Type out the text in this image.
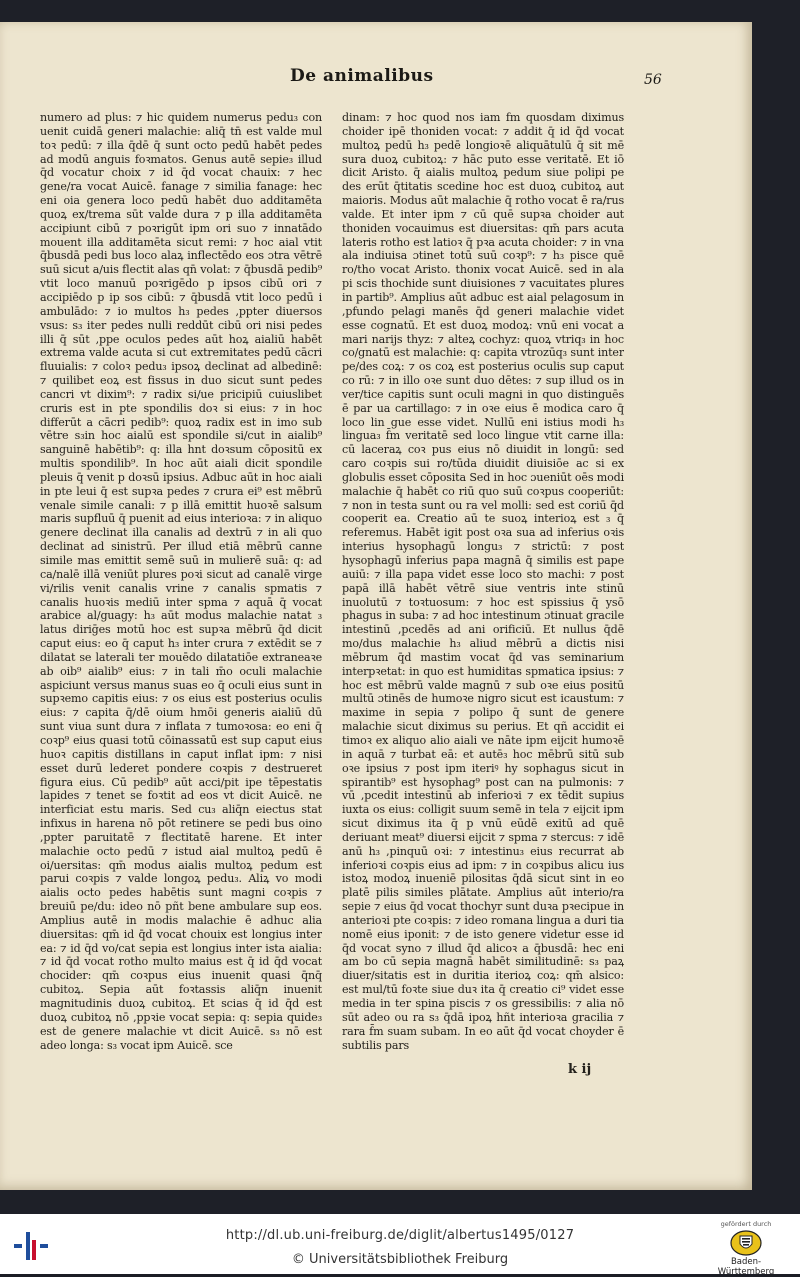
De animalibus	56

numero ad plus: ⁊ hic quidem numerus pedu₃ con uenit cuidā generi malachie: aliq̄ tn̄ est valde mul toꝛ pedū: ⁊ illa q̄dē q̄ sunt octo pedū habēt pedes ad modū anguis foꝛmatos. Genus autē sepie₃ illud q̄d vocatur choix ⁊ id q̄d vocat chauix: ⁊ hec gene/ra vocat Auicē. fanage ⁊ similia fanage: hec eni oia genera loco pedū habēt duo additamēta quoꝝ ex/trema sūt valde dura ⁊ p illa additamēta accipiunt cibū ⁊ poꝛrigūt ipm ori suo ⁊ innatādo mouent illa additamēta sicut remi: ⁊ hoc aial vtit q̄busdā pedi bus loco alaꝝ inflectēdo eos ɔtra vētrē suū sicut a/uis flectit alas qn̄ volat: ⁊ q̄busdā pedib⁹ vtit loco manuū poꝛrigēdo p ipsos cibū ori ⁊ accipiēdo p ip sos cibū: ⁊ q̄busdā vtit loco pedū i ambulādo: ⁊ io multos h₃ pedes ,ppter diuersos vsus: s₃ iter pedes nulli reddūt cibū ori nisi pedes illi q̄ sūt ,ppe oculos pedes aūt hoꝝ aialiū habēt extrema valde acuta si cut extremitates pedū cācri fluuialis: ⁊ coloꝛ pedu₃ ipsoꝝ declinat ad albedinē: ⁊ quilibet eoꝝ est fissus in duo sicut sunt pedes cancri vt dixim⁹: ⁊ radix si/ue pricipiū cuiuslibet cruris est in pte spondilis doꝛ si eius: ⁊ in hoc differūt a cācri pedib⁹: quoꝝ radix est in imo sub vētre s₃in hoc aialū est spondile si/cut in aialib⁹ sanguinē habētib⁹: q: illa hnt doꝛsum cōpositū ex multis spondilib⁹. In hoc aūt aiali dicit spondile pleuis q̄ venit p doꝛsū ipsius. Adbuc aūt in hoc aiali in pte leui q̄ est supꝛa pedes ⁊ crura ei⁹ est mēbrū venale simile canali: ⁊ p illā emittit huoꝛē salsum maris supfluū q̄ puenit ad eius interioꝛa: ⁊ in aliquo genere declinat illa canalis ad dextrū ⁊ in ali quo declinat ad sinistrū. Per illud etiā mēbrū canne simile mas emittit semē suū in mulierē suā: q: ad ca/nalē illā veniūt plures poꝛi sicut ad canalē virge vi/rilis venit canalis vrine ⁊ canalis spmatis ⁊ canalis huoꝛis mediū inter spma ⁊ aquā q̄ vocat arabice al/guagy: h₃ aūt modus malachie natat ₃ latus diriḡes motū hoc est supꝛa mēbrū q̄d dicit caput eius: eo q̄ caput h₃ inter crura ⁊ extēdit se ⁊ dilatat se laterali ter mouēdo dilatatiōe extraneaꝛe ab oib⁹ aialib⁹ eius: ⁊ in tali m̄o oculi malachie aspiciunt versus manus suas eo q̄ oculi eius sunt in supꝛemo capitis eius: ⁊ os eius est posterius oculis eius: ⁊ capita q̄/dē oium hmōi generis aialiū dū sunt viua sunt dura ⁊ inflata ⁊ tumoꝛosa: eo eni q̄ coꝛp⁹ eius quasi totū cōinassatū est sup caput eius huoꝛ capitis distillans in caput inflat ipm: ⁊ nisi esset durū lederet pondere coꝛpis ⁊ destrueret figura eius. Cū pedib⁹ aūt acci/pit ipe tēpestatis lapides ⁊ tenet se foꝛtit ad eos vt dicit Auicē. ne interficiat estu maris. Sed cu₃ aliq̄n eiectus stat infixus in harena nō pōt retinere se pedi bus oino ,ppter paruitatē ⁊ flectitatē harene. Et inter malachie octo pedū ⁊ istud aial multoꝝ pedū ē oi/uersitas: qm̄ modus aialis multoꝝ pedum est parui coꝛpis ⁊ valde longoꝝ pedu₃. Aliꝝ vo modi aialis octo pedes habētis sunt magni coꝛpis ⁊ breuiū pe/du: ideo nō pñt bene ambulare sup eos. Amplius autē in modis malachie ē adhuc alia diuersitas: qm̄ id q̄d vocat chouix est longius inter ea: ⁊ id q̄d vo/cat sepia est longius inter ista aialia: ⁊ id q̄d vocat rotho multo maius est q̄ id q̄d vocat chocider: qm̄ coꝛpus eius inuenit quasi q̄nq̄ cubitoꝝ. Sepia aūt foꝛtassis aliq̄n inuenit magnitudinis duoꝝ cubitoꝝ. Et scias q̄ id q̄d est duoꝝ cubitoꝝ nō ,ppꝛie vocat sepia: q: sepia quide₃ est de genere malachie vt dicit Auicē. s₃ nō est adeo longa: s₃ vocat ipm Auicē. sce

dinam: ⁊ hoc quod nos iam f̄m quosdam diximus choider ipē thoniden vocat: ⁊ addit q̄ id q̄d vocat multoꝝ pedū h₃ pedē longioꝛē aliquātulū q̄ sit mē sura duoꝝ cubitoꝝ: ⁊ hāc puto esse veritatē. Et iō dicit Aristo. q̄ aialis multoꝝ pedum siue polipi pe des erūt q̄titatis scedine hoc est duoꝝ cubitoꝝ aut maioris. Modus aūt malachie q̄ rotho vocat ē ra/rus valde. Et inter ipm ⁊ cū quē supꝛa choider aut thoniden vocauimus est diuersitas: qm̄ pars acuta lateris rotho est latioꝛ q̄ pꝛa acuta choider: ⁊ in vna ala indiuisa ɔtinet totū suū coꝛp⁹: ⁊ h₃ pisce quē ro/tho vocat Aristo. thonix vocat Auicē. sed in ala pi scis thochide sunt diuisiones ⁊ vacuitates plures in partib⁹. Amplius aūt adbuc est aial pelagosum in ,pfundo pelagi manēs q̄d generi malachie videt esse cognatū. Et est duoꝝ modoꝝ: vnū eni vocat a mari narijs thyz: ⁊ alteꝝ cochyz: quoꝝ vtriq₃ in hoc co/gnatū est malachie: q: capita vtrozūq₃ sunt inter pe/des coꝝ: ⁊ os coꝝ est posterius oculis sup caput co rū: ⁊ in illo oꝛe sunt duo dētes: ⁊ sup illud os in ver/tice capitis sunt oculi magni in quo distinguēs ē par ua cartillago: ⁊ in oꝛe eius ē modica caro q̄ loco lin gue esse videt. Nullū eni istius modi h₃ lingua₃ f̄m veritatē sed loco lingue vtit carne illa: cū laceraꝝ coꝛ pus eius nō diuidit in longū: sed caro coꝛpis sui ro/tūda diuidit diuisiōe ac si ex globulis esset cōposita Sed in hoc ɔueniūt oēs modi malachie q̄ habēt co riū quo suū coꝛpus cooperiūt: ⁊ non in testa sunt ou ra vel molli: sed est coriū q̄d cooperit ea. Creatio aū te suoꝝ interioꝝ est ₃ q̄ referemus. Habēt igit post oꝛa sua ad inferius oꝛis interius hysophagū longu₃ ⁊ strictū: ⁊ post hysophagū inferius papa magnā q̄ similis est pape auiū: ⁊ illa papa videt esse loco sto machi: ⁊ post papā illā habēt vētrē siue ventris inte stinū inuolutū ⁊ toꝛtuosum: ⁊ hoc est spissius q̄ ysō phagus in suba: ⁊ ad hoc intestinum ɔtinuat gracile intestinū ,pcedēs ad ani orificiū. Et nullus q̄dē mo/dus malachie h₃ aliud mēbrū a dictis nisi mēbrum q̄d mastim vocat q̄d vas seminarium interpꝛetat: in quo est humiditas spmatica ipsius: ⁊ hoc est mēbrū valde magnū ⁊ sub oꝛe eius positū multū ɔtinēs de humoꝛe nigro sicut est icaustum: ⁊ maxime in sepia ⁊ polipo q̄ sunt de genere malachie sicut diximus su perius. Et qñ accidit ei timoꝛ ex aliquo alio aiali ve nāte ipm eijcit humoꝛē in aquā ⁊ turbat eā: et autē₃ hoc mēbrū sitū sub oꝛe ipsius ⁊ post ipm iteriꝰ hy sophagus sicut in spirantib⁹ est hysophag⁹ post can na pulmonis: ⁊ vū ,pcedit intestinū ab inferioꝛi ⁊ ex tēdit supius iuxta os eius: colligit suum semē in tela ⁊ eijcit ipm sicut diximus ita q̄ p vnū eūdē exitū ad quē deriuant meat⁹ diuersi eijcit ⁊ spma ⁊ stercus: ⁊ idē anū h₃ ,pinquū oꝛi: ⁊ intestinu₃ eius recurrat ab inferioꝛi coꝛpis eius ad ipm: ⁊ in coꝛpibus alicu ius istoꝝ modoꝝ inueniē pilositas q̄dā sicut sint in eo platē pilis similes plātate. Amplius aūt interio/ra sepie ⁊ eius q̄d vocat thochyr sunt duꝛa pꝛecipue in anterioꝛi pte coꝛpis: ⁊ ideo romana lingua a duri tia nomē eius iponit: ⁊ de isto genere videtur esse id q̄d vocat syno ⁊ illud q̄d alicoꝛ a q̄busdā: hec eni am bo cū sepia magnā habēt similitudinē: s₃ paꝝ diuer/sitatis est in duritia iterioꝝ coꝝ: qm̄ alsico: est mul/tū foꝛte siue duꝛ ita q̄ creatio ci⁹ videt esse media in ter spina piscis ⁊ os gressibilis: ⁊ alia nō sūt adeo ou ra s₃ q̄dā ipoꝝ hñt interioꝛa gracilia ⁊ rara f̄m suam subam. In eo aūt q̄d vocat choyder ē subtilis pars

k ij
http://dl.ub.uni-freiburg.de/diglit/albertus1495/0127
© Universitätsbibliothek Freiburg
gefördert durch
Baden-Württemberg
